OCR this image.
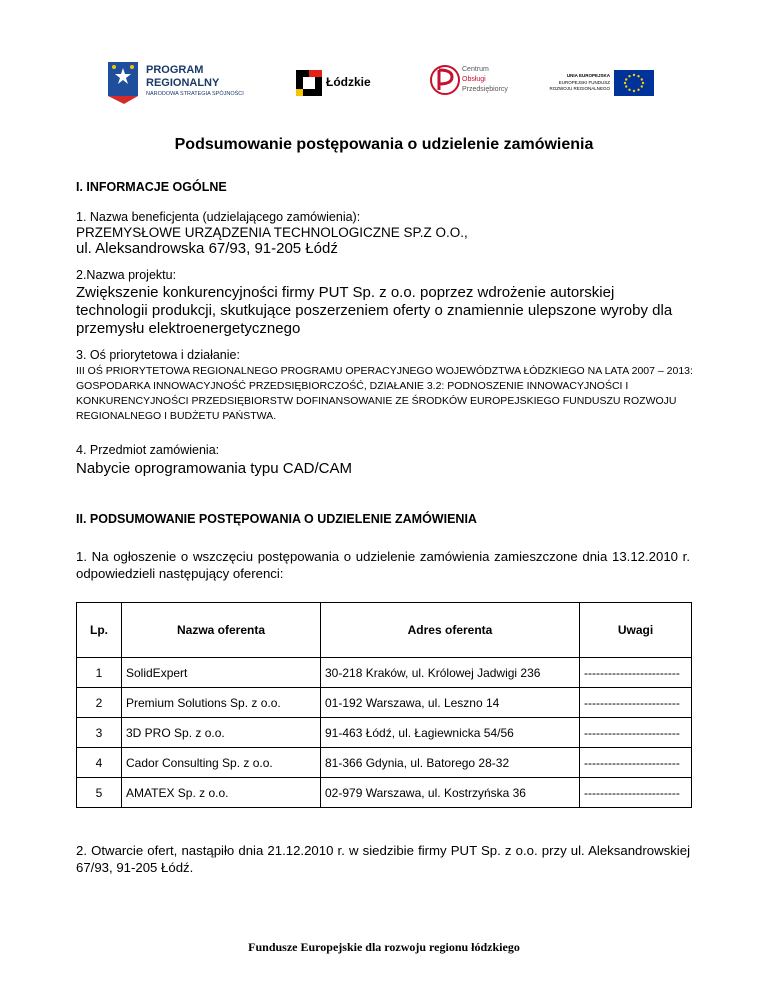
PROGRAM
REGIONALNY
NARODOWA STRATEGIA SPÓJNOŚCI
Łódzkie
Centrum
Obsługi
Przedsiębiorcy
UNIA EUROPEJSKA
EUROPEJSKI FUNDUSZ
ROZWOJU REGIONALNEGO
Podsumowanie postępowania o udzielenie zamówienia
I. INFORMACJE OGÓLNE
1. Nazwa beneficjenta (udzielającego zamówienia):
PRZEMYSŁOWE URZĄDZENIA TECHNOLOGICZNE SP.Z O.O.,
ul. Aleksandrowska 67/93, 91-205 Łódź
2.Nazwa projektu:
Zwiększenie konkurencyjności firmy PUT Sp. z o.o. poprzez wdrożenie autorskiej technologii produkcji, skutkujące poszerzeniem oferty o znamiennie ulepszone wyroby dla przemysłu elektroenergetycznego
3. Oś priorytetowa i działanie:
III OŚ PRIORYTETOWA REGIONALNEGO PROGRAMU OPERACYJNEGO WOJEWÓDZTWA ŁÓDZKIEGO NA LATA 2007 – 2013: GOSPODARKA INNOWACYJNOŚĆ PRZEDSIĘBIORCZOŚĆ, DZIAŁANIE 3.2: PODNOSZENIE INNOWACYJNOŚCI I KONKURENCYJNOŚCI PRZEDSIĘBIORSTW DOFINANSOWANIE ZE ŚRODKÓW EUROPEJSKIEGO FUNDUSZU ROZWOJU REGIONALNEGO I BUDŻETU PAŃSTWA.
4. Przedmiot zamówienia:
Nabycie oprogramowania typu CAD/CAM
II. PODSUMOWANIE POSTĘPOWANIA O UDZIELENIE ZAMÓWIENIA
1. Na ogłoszenie o wszczęciu postępowania o udzielenie zamówienia zamieszczone dnia 13.12.2010 r. odpowiedzieli następujący oferenci:
Lp.	Nazwa oferenta	Adres oferenta	Uwagi
1	SolidExpert	30-218 Kraków, ul. Królowej Jadwigi 236	------------------------
2	Premium Solutions Sp. z o.o.	01-192 Warszawa, ul. Leszno 14	------------------------
3	3D PRO Sp. z o.o.	91-463 Łódź, ul. Łagiewnicka 54/56	------------------------
4	Cador Consulting Sp. z o.o.	81-366 Gdynia, ul. Batorego 28-32	------------------------
5	AMATEX Sp. z o.o.	02-979 Warszawa, ul. Kostrzyńska 36	------------------------
2. Otwarcie ofert, nastąpiło dnia 21.12.2010 r. w siedzibie firmy PUT Sp. z o.o. przy ul. Aleksandrowskiej 67/93, 91-205 Łódź.
Fundusze Europejskie dla rozwoju regionu łódzkiego
